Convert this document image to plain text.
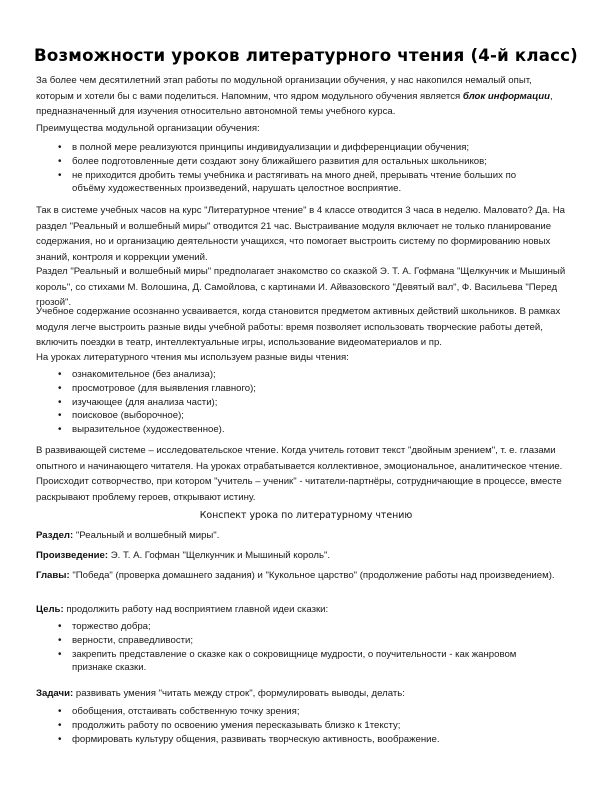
Возможности уроков литературного чтения (4-й класс)

За более чем десятилетний этап работы по модульной организации обучения, у нас накопился немалый опыт, которым и хотели бы с вами поделиться. Напомним, что ядром модульного обучения является блок информации, предназначенный для изучения относительно автономной темы учебного курса.

Преимущества модульной организации обучения:

• в полной мере реализуются принципы индивидуализации и дифференциации обучения;
• более подготовленные дети создают зону ближайшего развития для остальных школьников;
• не приходится дробить темы учебника и растягивать на много дней, прерывать чтение больших по объёму художественных произведений, нарушать целостное восприятие.

Так в системе учебных часов на курс "Литературное чтение" в 4 классе отводится 3 часа в неделю. Маловато? Да. На раздел "Реальный и волшебный миры" отводится 21 час. Выстраивание модуля включает не только планирование содержания, но и организацию деятельности учащихся, что помогает выстроить систему по формированию новых знаний, контроля и коррекции умений.

Раздел "Реальный и волшебный миры" предполагает знакомство со сказкой Э. Т. А. Гофмана "Щелкунчик и Мышиный король", со стихами М. Волошина, Д. Самойлова, с картинами И. Айвазовского "Девятый вал", Ф. Васильева "Перед грозой".

Учебное содержание осознанно усваивается, когда становится предметом активных действий школьников. В рамках модуля легче выстроить разные виды учебной работы: время позволяет использовать творческие работы детей, включить поездки в театр, интеллектуальные игры, использование видеоматериалов и пр.

На уроках литературного чтения мы используем разные виды чтения:

• ознакомительное (без анализа);
• просмотровое (для выявления главного);
• изучающее (для анализа части);
• поисковое (выборочное);
• выразительное (художественное).

В развивающей системе – исследовательское чтение. Когда учитель готовит текст "двойным зрением", т. е. глазами опытного и начинающего читателя. На уроках отрабатывается коллективное, эмоциональное, аналитическое чтение. Происходит сотворчество, при котором "учитель – ученик" - читатели-партнёры, сотрудничающие в процессе, вместе раскрывают проблему героев, открывают истину.

Конспект урока по литературному чтению

Раздел: "Реальный и волшебный миры".

Произведение: Э. Т. А. Гофман "Щелкунчик и Мышиный король".

Главы: "Победа" (проверка домашнего задания) и "Кукольное царство" (продолжение работы над произведением).

Цель: продолжить работу над восприятием главной идеи сказки:

• торжество добра;
• верности, справедливости;
• закрепить представление о сказке как о сокровищнице мудрости, о поучительности - как жанровом признаке сказки.

Задачи: развивать умения "читать между строк", формулировать выводы, делать:

• обобщения, отстаивать собственную точку зрения;
• продолжить работу по освоению умения пересказывать близко к 1тексту;
• формировать культуру общения, развивать творческую активность, воображение.
